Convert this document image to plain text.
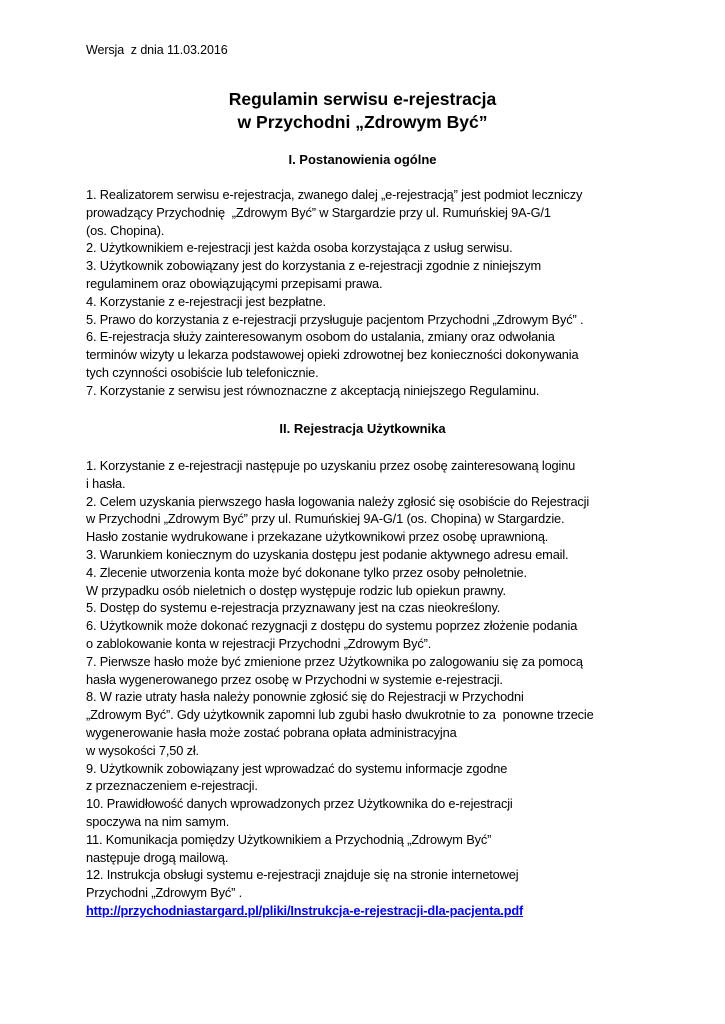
Wersja  z dnia 11.03.2016
Regulamin serwisu e-rejestracja
w Przychodni „Zdrowym Być”
I. Postanowienia ogólne
1. Realizatorem serwisu e-rejestracja, zwanego dalej „e-rejestracją” jest podmiot leczniczy
prowadzący Przychodnię  „Zdrowym Być” w Stargardzie przy ul. Rumuńskiej 9A-G/1
(os. Chopina).
2. Użytkownikiem e-rejestracji jest każda osoba korzystająca z usług serwisu.
3. Użytkownik zobowiązany jest do korzystania z e-rejestracji zgodnie z niniejszym
regulaminem oraz obowiązującymi przepisami prawa.
4. Korzystanie z e-rejestracji jest bezpłatne.
5. Prawo do korzystania z e-rejestracji przysługuje pacjentom Przychodni „Zdrowym Być” .
6. E-rejestracja służy zainteresowanym osobom do ustalania, zmiany oraz odwołania
terminów wizyty u lekarza podstawowej opieki zdrowotnej bez konieczności dokonywania
tych czynności osobiście lub telefonicznie.
7. Korzystanie z serwisu jest równoznaczne z akceptacją niniejszego Regulaminu.
II. Rejestracja Użytkownika
1. Korzystanie z e-rejestracji następuje po uzyskaniu przez osobę zainteresowaną loginu
i hasła.
2. Celem uzyskania pierwszego hasła logowania należy zgłosić się osobiście do Rejestracji
w Przychodni „Zdrowym Być” przy ul. Rumuńskiej 9A-G/1 (os. Chopina) w Stargardzie.
Hasło zostanie wydrukowane i przekazane użytkownikowi przez osobę uprawnioną.
3. Warunkiem koniecznym do uzyskania dostępu jest podanie aktywnego adresu email.
4. Zlecenie utworzenia konta może być dokonane tylko przez osoby pełnoletnie.
W przypadku osób nieletnich o dostęp występuje rodzic lub opiekun prawny.
5. Dostęp do systemu e-rejestracja przyznawany jest na czas nieokreślony.
6. Użytkownik może dokonać rezygnacji z dostępu do systemu poprzez złożenie podania
o zablokowanie konta w rejestracji Przychodni „Zdrowym Być”.
7. Pierwsze hasło może być zmienione przez Użytkownika po zalogowaniu się za pomocą
hasła wygenerowanego przez osobę w Przychodni w systemie e-rejestracji.
8. W razie utraty hasła należy ponownie zgłosić się do Rejestracji w Przychodni
„Zdrowym Być”. Gdy użytkownik zapomni lub zgubi hasło dwukrotnie to za  ponowne trzecie
wygenerowanie hasła może zostać pobrana opłata administracyjna
w wysokości 7,50 zł.
9. Użytkownik zobowiązany jest wprowadzać do systemu informacje zgodne
z przeznaczeniem e-rejestracji.
10. Prawidłowość danych wprowadzonych przez Użytkownika do e-rejestracji
spoczywa na nim samym.
11. Komunikacja pomiędzy Użytkownikiem a Przychodnią „Zdrowym Być”
następuje drogą mailową.
12. Instrukcja obsługi systemu e-rejestracji znajduje się na stronie internetowej
Przychodni „Zdrowym Być” .
http://przychodniastargard.pl/pliki/Instrukcja-e-rejestracji-dla-pacjenta.pdf
